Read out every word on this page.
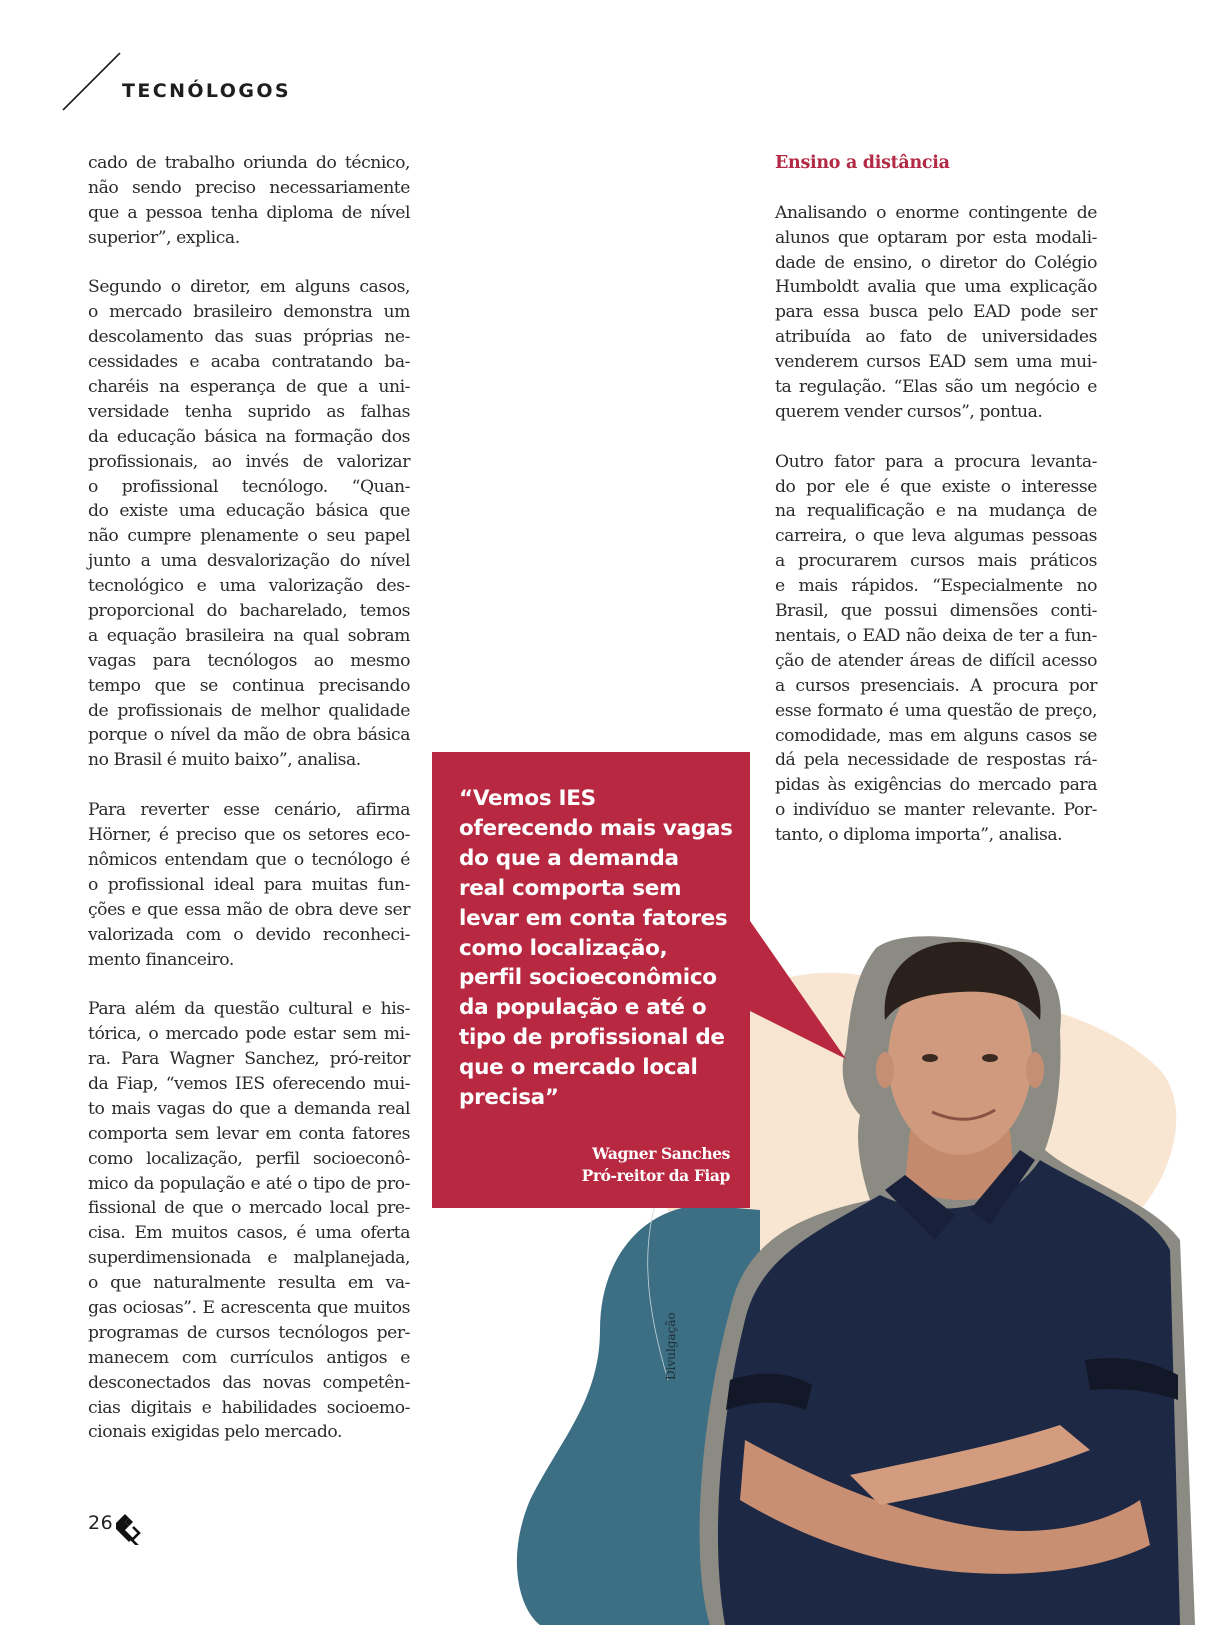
TECNÓLOGOS
“Vemos IES
oferecendo mais vagas
do que a demanda
real comporta sem
levar em conta fatores
como localização,
perfil socioeconômico
da população e até o
tipo de profissional de
que o mercado local
precisa”
Wagner Sanches
Pró-reitor da Fiap
Divulgação
cado de trabalho oriunda do técnico,
não sendo preciso necessariamente
que a pessoa tenha diploma de nível
superior”, explica.
Segundo o diretor, em alguns casos,
o mercado brasileiro demonstra um
descolamento das suas próprias ne-
cessidades e acaba contratando ba-
charéis na esperança de que a uni-
versidade tenha suprido as falhas
da educação básica na formação dos
profissionais, ao invés de valorizar
o profissional tecnólogo. “Quan-
do existe uma educação básica que
não cumpre plenamente o seu papel
junto a uma desvalorização do nível
tecnológico e uma valorização des-
proporcional do bacharelado, temos
a equação brasileira na qual sobram
vagas para tecnólogos ao mesmo
tempo que se continua precisando
de profissionais de melhor qualidade
porque o nível da mão de obra básica
no Brasil é muito baixo”, analisa.
Para reverter esse cenário, afirma
Hörner, é preciso que os setores eco-
nômicos entendam que o tecnólogo é
o profissional ideal para muitas fun-
ções e que essa mão de obra deve ser
valorizada com o devido reconheci-
mento financeiro.
Para além da questão cultural e his-
tórica, o mercado pode estar sem mi-
ra. Para Wagner Sanchez, pró-reitor
da Fiap, “vemos IES oferecendo mui-
to mais vagas do que a demanda real
comporta sem levar em conta fatores
como localização, perfil socioeconô-
mico da população e até o tipo de pro-
fissional de que o mercado local pre-
cisa. Em muitos casos, é uma oferta
superdimensionada e malplanejada,
o que naturalmente resulta em va-
gas ociosas”. E acrescenta que muitos
programas de cursos tecnólogos per-
manecem com currículos antigos e
desconectados das novas competên-
cias digitais e habilidades socioemo-
cionais exigidas pelo mercado.
Ensino a distância
Analisando o enorme contingente de
alunos que optaram por esta modali-
dade de ensino, o diretor do Colégio
Humboldt avalia que uma explicação
para essa busca pelo EAD pode ser
atribuída ao fato de universidades
venderem cursos EAD sem uma mui-
ta regulação. “Elas são um negócio e
querem vender cursos”, pontua.
Outro fator para a procura levanta-
do por ele é que existe o interesse
na requalificação e na mudança de
carreira, o que leva algumas pessoas
a procurarem cursos mais práticos
e mais rápidos. “Especialmente no
Brasil, que possui dimensões conti-
nentais, o EAD não deixa de ter a fun-
ção de atender áreas de difícil acesso
a cursos presenciais. A procura por
esse formato é uma questão de preço,
comodidade, mas em alguns casos se
dá pela necessidade de respostas rá-
pidas às exigências do mercado para
o indivíduo se manter relevante. Por-
tanto, o diploma importa”, analisa.
26
